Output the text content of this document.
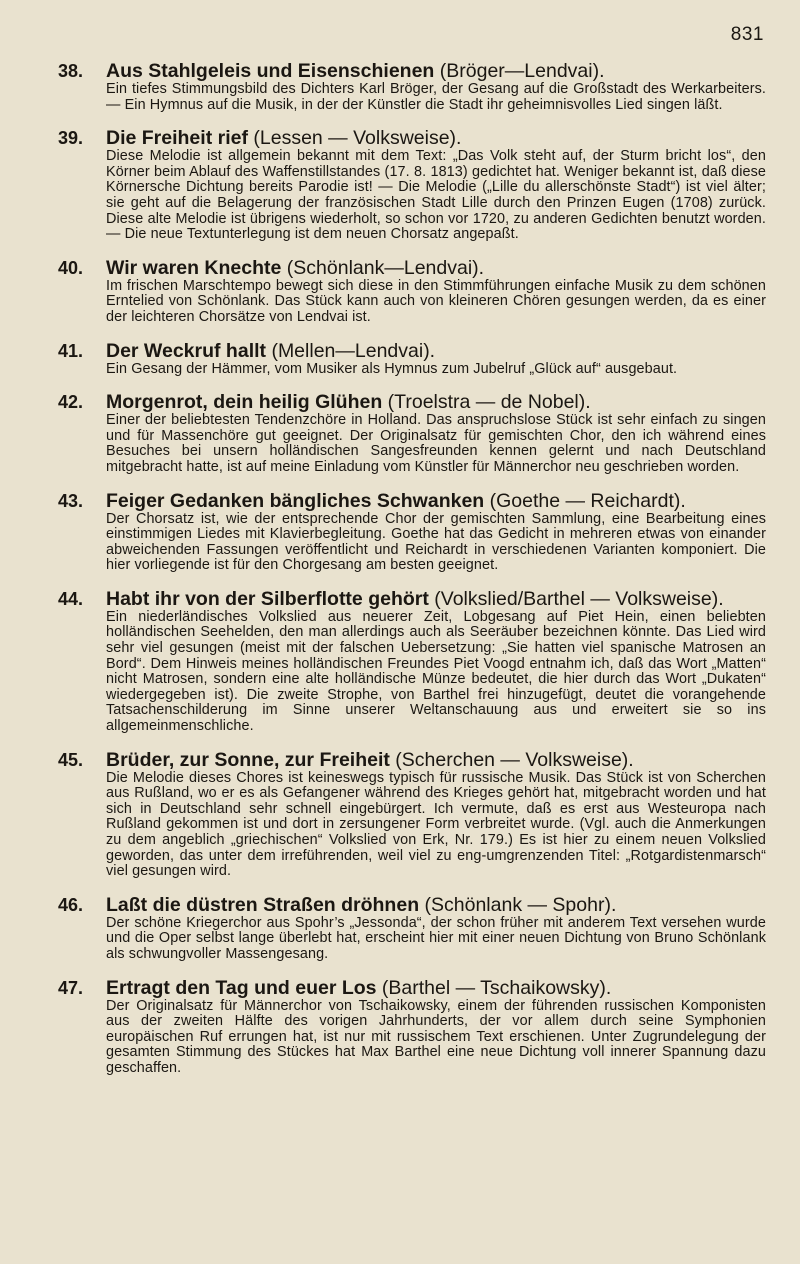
831
38.	Aus Stahlgeleis und Eisenschienen (Bröger—Lendvai).

Ein tiefes Stimmungsbild des Dichters Karl Bröger, der Gesang auf die Großstadt des Werkarbeiters. — Ein Hymnus auf die Musik, in der der Künstler die Stadt ihr geheimnisvolles Lied singen läßt.

39.	Die Freiheit rief (Lessen — Volksweise).

Diese Melodie ist allgemein bekannt mit dem Text: „Das Volk steht auf, der Sturm bricht los“, den Körner beim Ablauf des Waffenstillstandes (17. 8. 1813) gedichtet hat. Weniger bekannt ist, daß diese Körnersche Dichtung bereits Parodie ist! — Die Melodie („Lille du allerschönste Stadt“) ist viel älter; sie geht auf die Belagerung der französischen Stadt Lille durch den Prinzen Eugen (1708) zurück. Diese alte Melodie ist übrigens wiederholt, so schon vor 1720, zu anderen Gedichten benutzt worden. — Die neue Textunterlegung ist dem neuen Chorsatz angepaßt.

40.	Wir waren Knechte (Schönlank—Lendvai).

Im frischen Marschtempo bewegt sich diese in den Stimmführungen einfache Musik zu dem schönen Erntelied von Schönlank. Das Stück kann auch von kleineren Chören gesungen werden, da es einer der leichteren Chorsätze von Lendvai ist.

41.	Der Weckruf hallt (Mellen—Lendvai).

Ein Gesang der Hämmer, vom Musiker als Hymnus zum Jubelruf „Glück auf“ ausgebaut.

42.	Morgenrot, dein heilig Glühen (Troelstra — de Nobel).

Einer der beliebtesten Tendenzchöre in Holland. Das anspruchslose Stück ist sehr einfach zu singen und für Massenchöre gut geeignet. Der Originalsatz für gemischten Chor, den ich während eines Besuches bei unsern holländischen Sangesfreunden kennen gelernt und nach Deutschland mitgebracht hatte, ist auf meine Einladung vom Künstler für Männerchor neu geschrieben worden.

43.	Feiger Gedanken bängliches Schwanken (Goethe — Reichardt).

Der Chorsatz ist, wie der entsprechende Chor der gemischten Sammlung, eine Bearbeitung eines einstimmigen Liedes mit Klavierbegleitung. Goethe hat das Gedicht in mehreren etwas von einander abweichenden Fassungen veröffentlicht und Reichardt in verschiedenen Varianten komponiert. Die hier vorliegende ist für den Chorgesang am besten geeignet.

44.	Habt ihr von der Silberflotte gehört (Volkslied/Barthel — Volksweise).

Ein niederländisches Volkslied aus neuerer Zeit, Lobgesang auf Piet Hein, einen beliebten holländischen Seehelden, den man allerdings auch als Seeräuber bezeichnen könnte. Das Lied wird sehr viel gesungen (meist mit der falschen Uebersetzung: „Sie hatten viel spanische Matrosen an Bord“. Dem Hinweis meines holländischen Freundes Piet Voogd entnahm ich, daß das Wort „Matten“ nicht Matrosen, sondern eine alte holländische Münze bedeutet, die hier durch das Wort „Dukaten“ wiedergegeben ist). Die zweite Strophe, von Barthel frei hinzugefügt, deutet die vorangehende Tatsachenschilderung im Sinne unserer Weltanschauung aus und erweitert sie so ins allgemeinmenschliche.

45.	Brüder, zur Sonne, zur Freiheit (Scherchen — Volksweise).

Die Melodie dieses Chores ist keineswegs typisch für russische Musik. Das Stück ist von Scherchen aus Rußland, wo er es als Gefangener während des Krieges gehört hat, mitgebracht worden und hat sich in Deutschland sehr schnell eingebürgert. Ich vermute, daß es erst aus Westeuropa nach Rußland gekommen ist und dort in zersungener Form verbreitet wurde. (Vgl. auch die Anmerkungen zu dem angeblich „griechischen“ Volkslied von Erk, Nr. 179.) Es ist hier zu einem neuen Volkslied geworden, das unter dem irreführenden, weil viel zu eng-umgrenzenden Titel: „Rotgardistenmarsch“ viel gesungen wird.

46.	Laßt die düstren Straßen dröhnen (Schönlank — Spohr).

Der schöne Kriegerchor aus Spohr’s „Jessonda“, der schon früher mit anderem Text versehen wurde und die Oper selbst lange überlebt hat, erscheint hier mit einer neuen Dichtung von Bruno Schönlank als schwungvoller Massengesang.

47.	Ertragt den Tag und euer Los (Barthel — Tschaikowsky).

Der Originalsatz für Männerchor von Tschaikowsky, einem der führenden russischen Komponisten aus der zweiten Hälfte des vorigen Jahrhunderts, der vor allem durch seine Symphonien europäischen Ruf errungen hat, ist nur mit russischem Text erschienen. Unter Zugrundelegung der gesamten Stimmung des Stückes hat Max Barthel eine neue Dichtung voll innerer Spannung dazu geschaffen.
